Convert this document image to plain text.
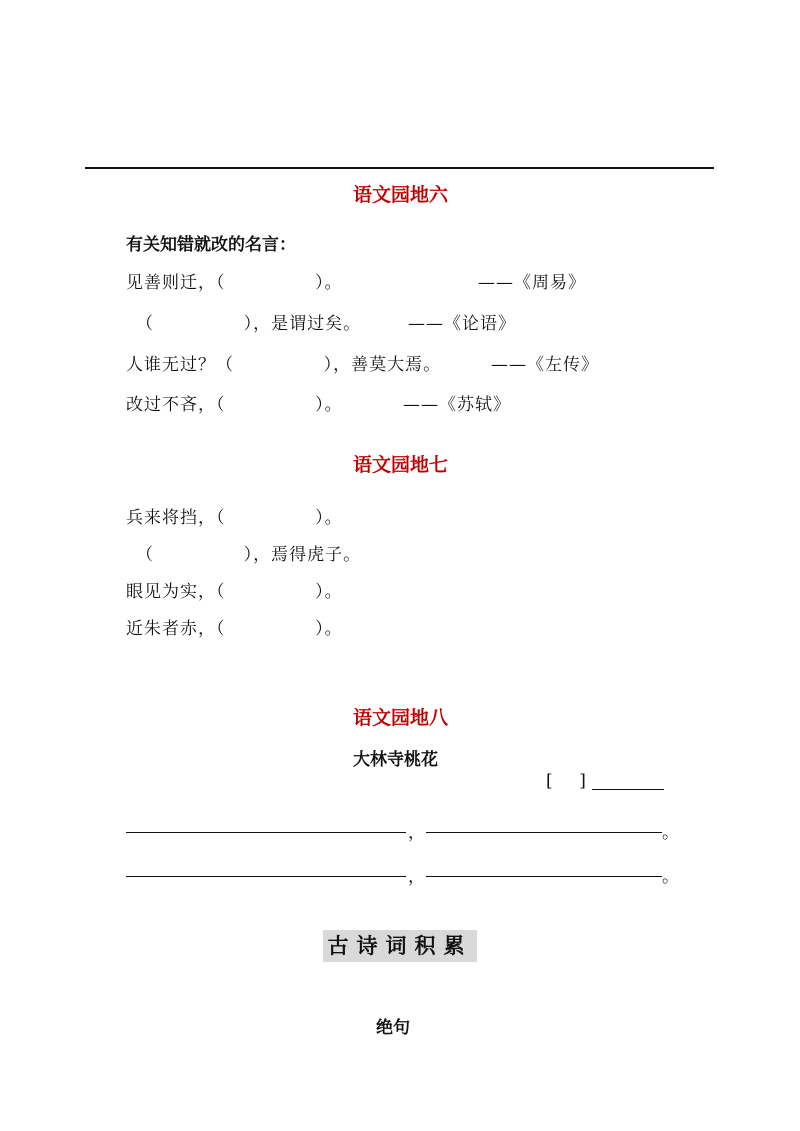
语文园地六
有关知错就改的名言：
见善则迁，（              ）。	——《周易》
（              ），是谓过矣。	——《论语》
人谁无过？（              ），善莫大焉。	——《左传》
改过不吝，（              ）。	——《苏轼》
语文园地七
兵来将挡，（              ）。
（              ），焉得虎子。
眼见为实，（              ）。
近朱者赤，（              ）。
语文园地八
大林寺桃花
[    ]
，	。
，	。
古诗词积累
绝句
